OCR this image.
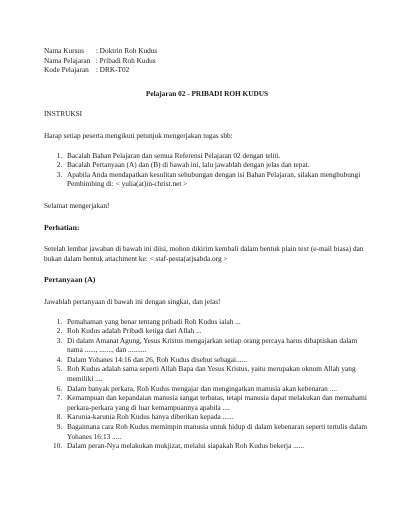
Nama Kursus : Doktrin Roh Kudus
Nama Pelajaran : Pribadi Roh Kudus
Kode Pelajaran : DRK-T02
Pelajaran 02 - PRIBADI ROH KUDUS
INSTRUKSI
Harap setiap peserta mengikuti petunjuk mengerjakan tugas sbb:
1. Bacalah Bahan Pelajaran dan semua Referensi Pelajaran 02 dengan teliti.
2. Bacalah Pertanyaan (A) dan (B) di bawah ini, lalu jawablah dengan jelas dan tepat.
3. Apabila Anda mendapatkan kesulitan sehubungan dengan isi Bahan Pelajaran, silakan menghubungi Pembimbing di: < yulia(at)in-christ.net >
Selamat mengerjakan!
Perhatian:
Setelah lembar jawaban di bawah ini diisi, mohon dikirim kembali dalam bentuk plain text (e-mail biasa) dan bukan dalam bentuk attachment ke: < staf-pesta(at)sabda.org >
Pertanyaan (A)
Jawablah pertanyaan di bawah ini dengan singkat, dan jelas!
1. Pemahaman yang benar tentang pribadi Roh Kudus ialah ...
2. Roh Kudus adalah Pribadi ketiga dari Allah ...
3. Di dalam Amanat Agung, Yesus Kristus mengajarkan setiap orang percaya harus dibaptiskan dalam nama ......, ......., dan ..........
4. Dalam Yohanes 14:16 dan 26, Roh Kudus disebut sebagai......
5. Roh Kudus adalah sama seperti Allah Bapa dan Yesus Kristus, yaitu merupakan oknum Allah yang memiliki ....
6. Dalam banyak perkara, Roh Kudus mengajar dan mengingatkan manusia akan kebenaran ....
7. Kemampuan dan kepandaian manusia sangat terbatas, tetapi manusia dapat melakukan dan memahami perkara-perkara yang di luar kemampuannya apabila ....
8. Karunia-karunia Roh Kudus hanya diberikan kepada ......
9. Bagaimana cara Roh Kudus memimpin manusia untuk hidup di dalam kebenaran seperti tertulis dalam Yohanes 16:13 .....
10. Dalam peran-Nya melakukan mukjizat, melalui siapakah Roh Kudus bekerja ......
